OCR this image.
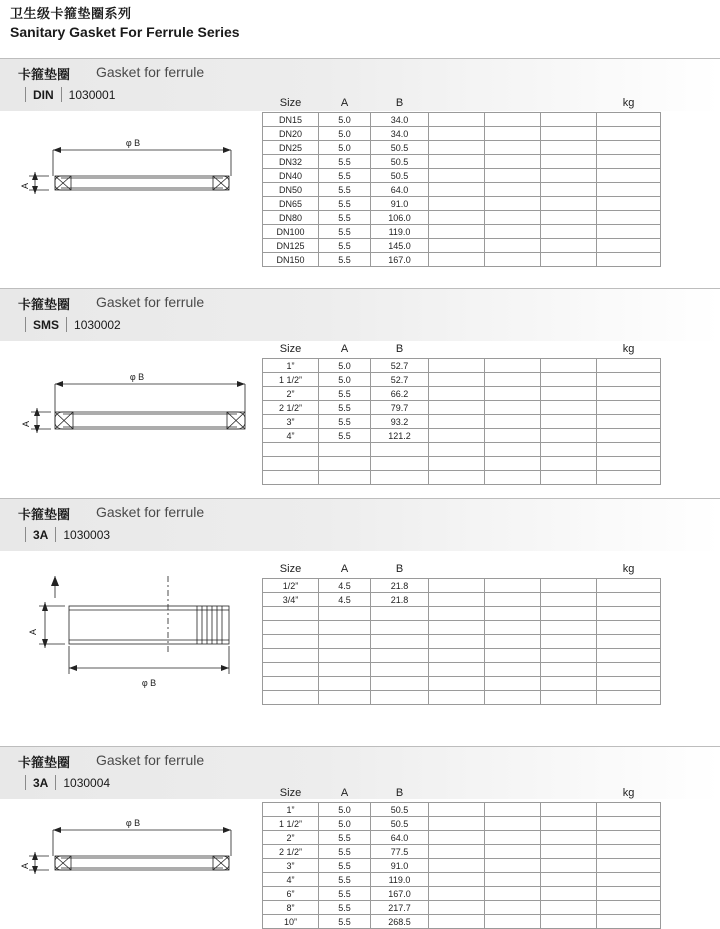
卫生级卡箍垫圈系列
Sanitary Gasket For Ferrule Series
卡箍垫圈 Gasket for ferrule
DIN 1030001
φ B
A
Size	A	B				kg
DN15	5.0	34.0				
DN20	5.0	34.0				
DN25	5.0	50.5				
DN32	5.5	50.5				
DN40	5.5	50.5				
DN50	5.5	64.0				
DN65	5.5	91.0				
DN80	5.5	106.0				
DN100	5.5	119.0				
DN125	5.5	145.0				
DN150	5.5	167.0				
卡箍垫圈 Gasket for ferrule
SMS 1030002
φ B
A
Size	A	B				kg
1”	5.0	52.7				
1 1/2”	5.0	52.7				
2”	5.5	66.2				
2 1/2”	5.5	79.7				
3”	5.5	93.2				
4”	5.5	121.2				

卡箍垫圈 Gasket for ferrule
3A 1030003
A
φ B
Size	A	B				kg
1/2”	4.5	21.8				
3/4”	4.5	21.8				

卡箍垫圈 Gasket for ferrule
3A 1030004
φ B
A
Size	A	B				kg
1”	5.0	50.5				
1 1/2”	5.0	50.5				
2”	5.5	64.0				
2 1/2”	5.5	77.5				
3”	5.5	91.0				
4”	5.5	119.0				
6”	5.5	167.0				
8”	5.5	217.7				
10”	5.5	268.5				
